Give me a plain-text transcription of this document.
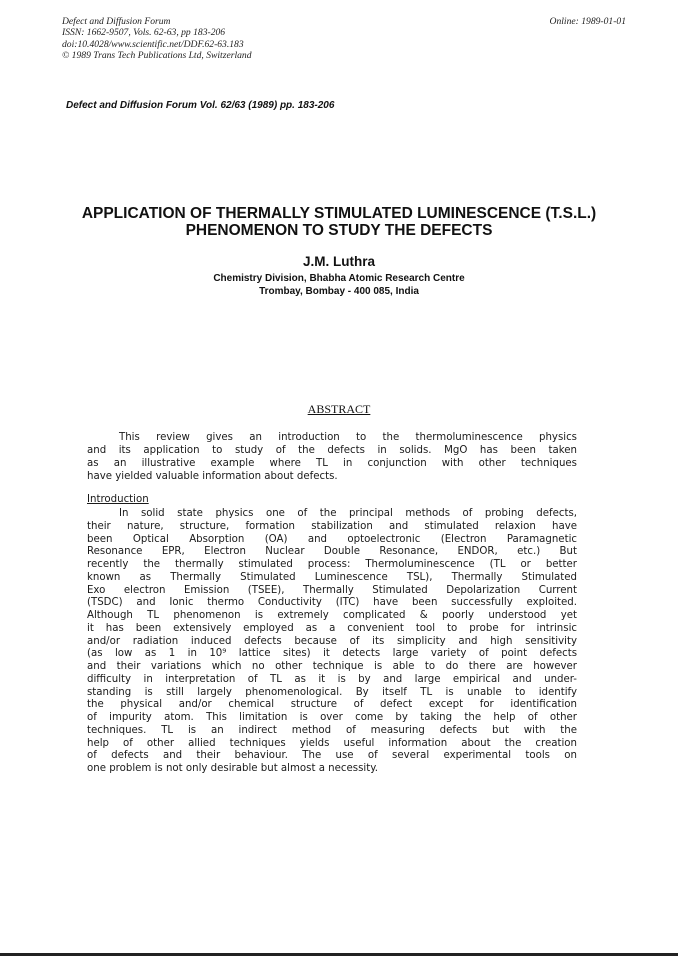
Defect and Diffusion Forum
ISSN: 1662-9507, Vols. 62-63, pp 183-206
doi:10.4028/www.scientific.net/DDF.62-63.183
© 1989 Trans Tech Publications Ltd, Switzerland
Online: 1989-01-01
Defect and Diffusion Forum Vol. 62/63 (1989) pp. 183-206
APPLICATION OF THERMALLY STIMULATED LUMINESCENCE (T.S.L.)
PHENOMENON TO STUDY THE DEFECTS
J.M. Luthra
Chemistry Division, Bhabha Atomic Research Centre
Trombay, Bombay - 400 085, India
ABSTRACT
This review gives an introduction to the thermoluminescence physics
and its application to study of the defects in solids. MgO has been taken
as an illustrative example where TL in conjunction with other techniques
have yielded valuable information about defects.
Introduction
In solid state physics one of the principal methods of probing defects,
their nature, structure, formation stabilization and stimulated relaxion have
been Optical Absorption (OA) and optoelectronic (Electron Paramagnetic
Resonance EPR, Electron Nuclear Double Resonance, ENDOR, etc.) But
recently the thermally stimulated process: Thermoluminescence (TL or better
known as Thermally Stimulated Luminescence TSL), Thermally Stimulated
Exo electron Emission (TSEE), Thermally Stimulated Depolarization Current
(TSDC) and Ionic thermo Conductivity (ITC) have been successfully exploited.
Although TL phenomenon is extremely complicated & poorly understood yet
it has been extensively employed as a convenient tool to probe for intrinsic
and/or radiation induced defects because of its simplicity and high sensitivity
(as low as 1 in 10⁹ lattice sites) it detects large variety of point defects
and their variations which no other technique is able to do there are however
difficulty in interpretation of TL as it is by and large empirical and under-
standing is still largely phenomenological. By itself TL is unable to identify
the physical and/or chemical structure of defect except for identification
of impurity atom. This limitation is over come by taking the help of other
techniques. TL is an indirect method of measuring defects but with the
help of other allied techniques yields useful information about the creation
of defects and their behaviour. The use of several experimental tools on
one problem is not only desirable but almost a necessity.
